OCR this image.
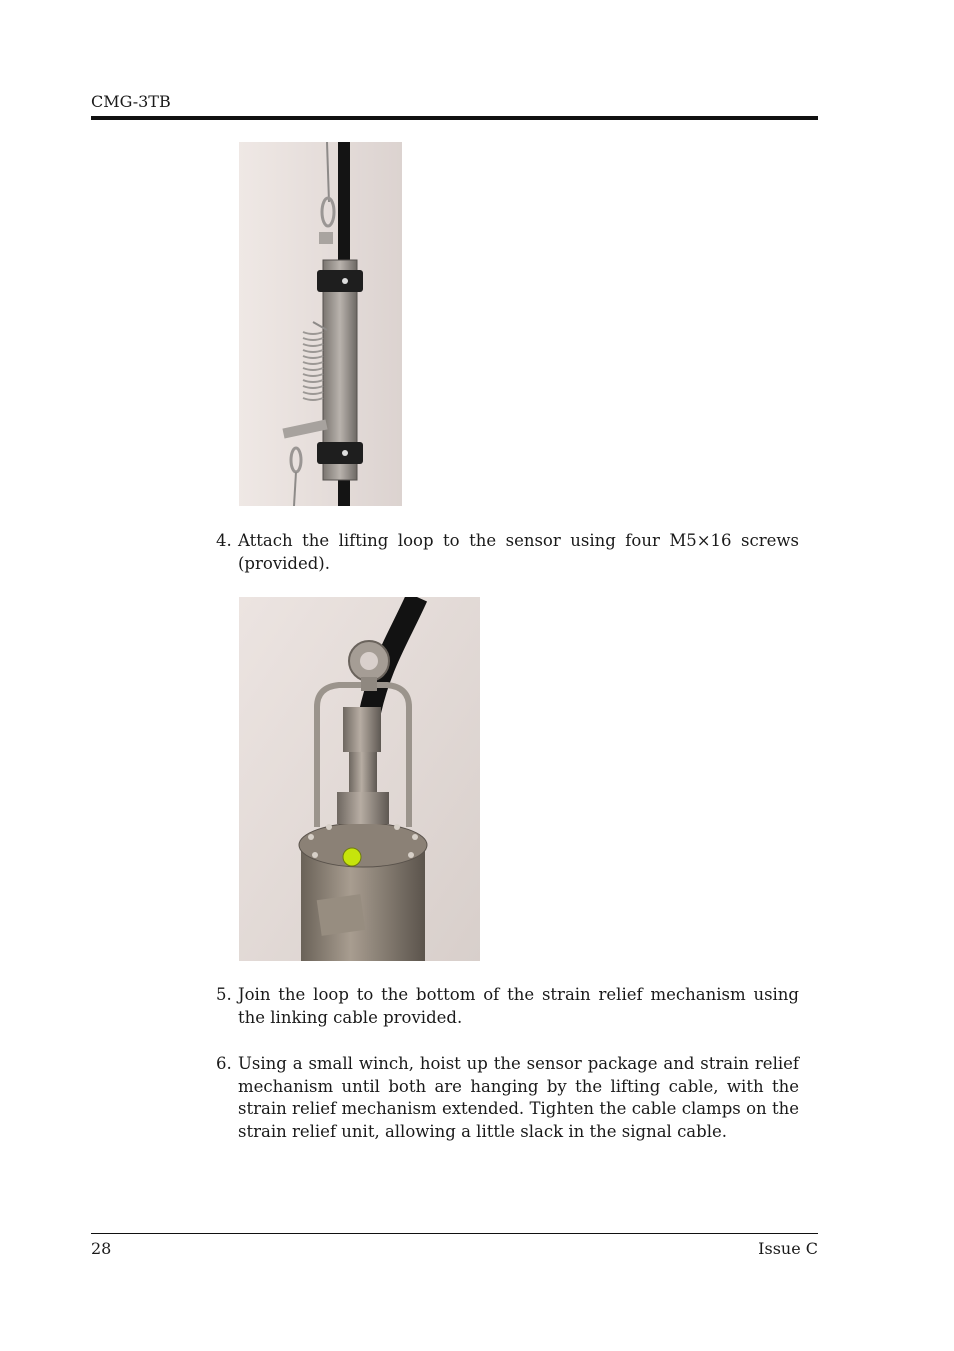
CMG-3TB
4. Attach the lifting loop to the sensor using four M5×16 screws (provided).
5. Join the loop to the bottom of the strain relief mechanism using the linking cable provided.
6. Using a small winch, hoist up the sensor package and strain relief mechanism until both are hanging by the lifting cable, with the strain relief mechanism extended. Tighten the cable clamps on the strain relief unit, allowing a little slack in the signal cable.
28	Issue C
